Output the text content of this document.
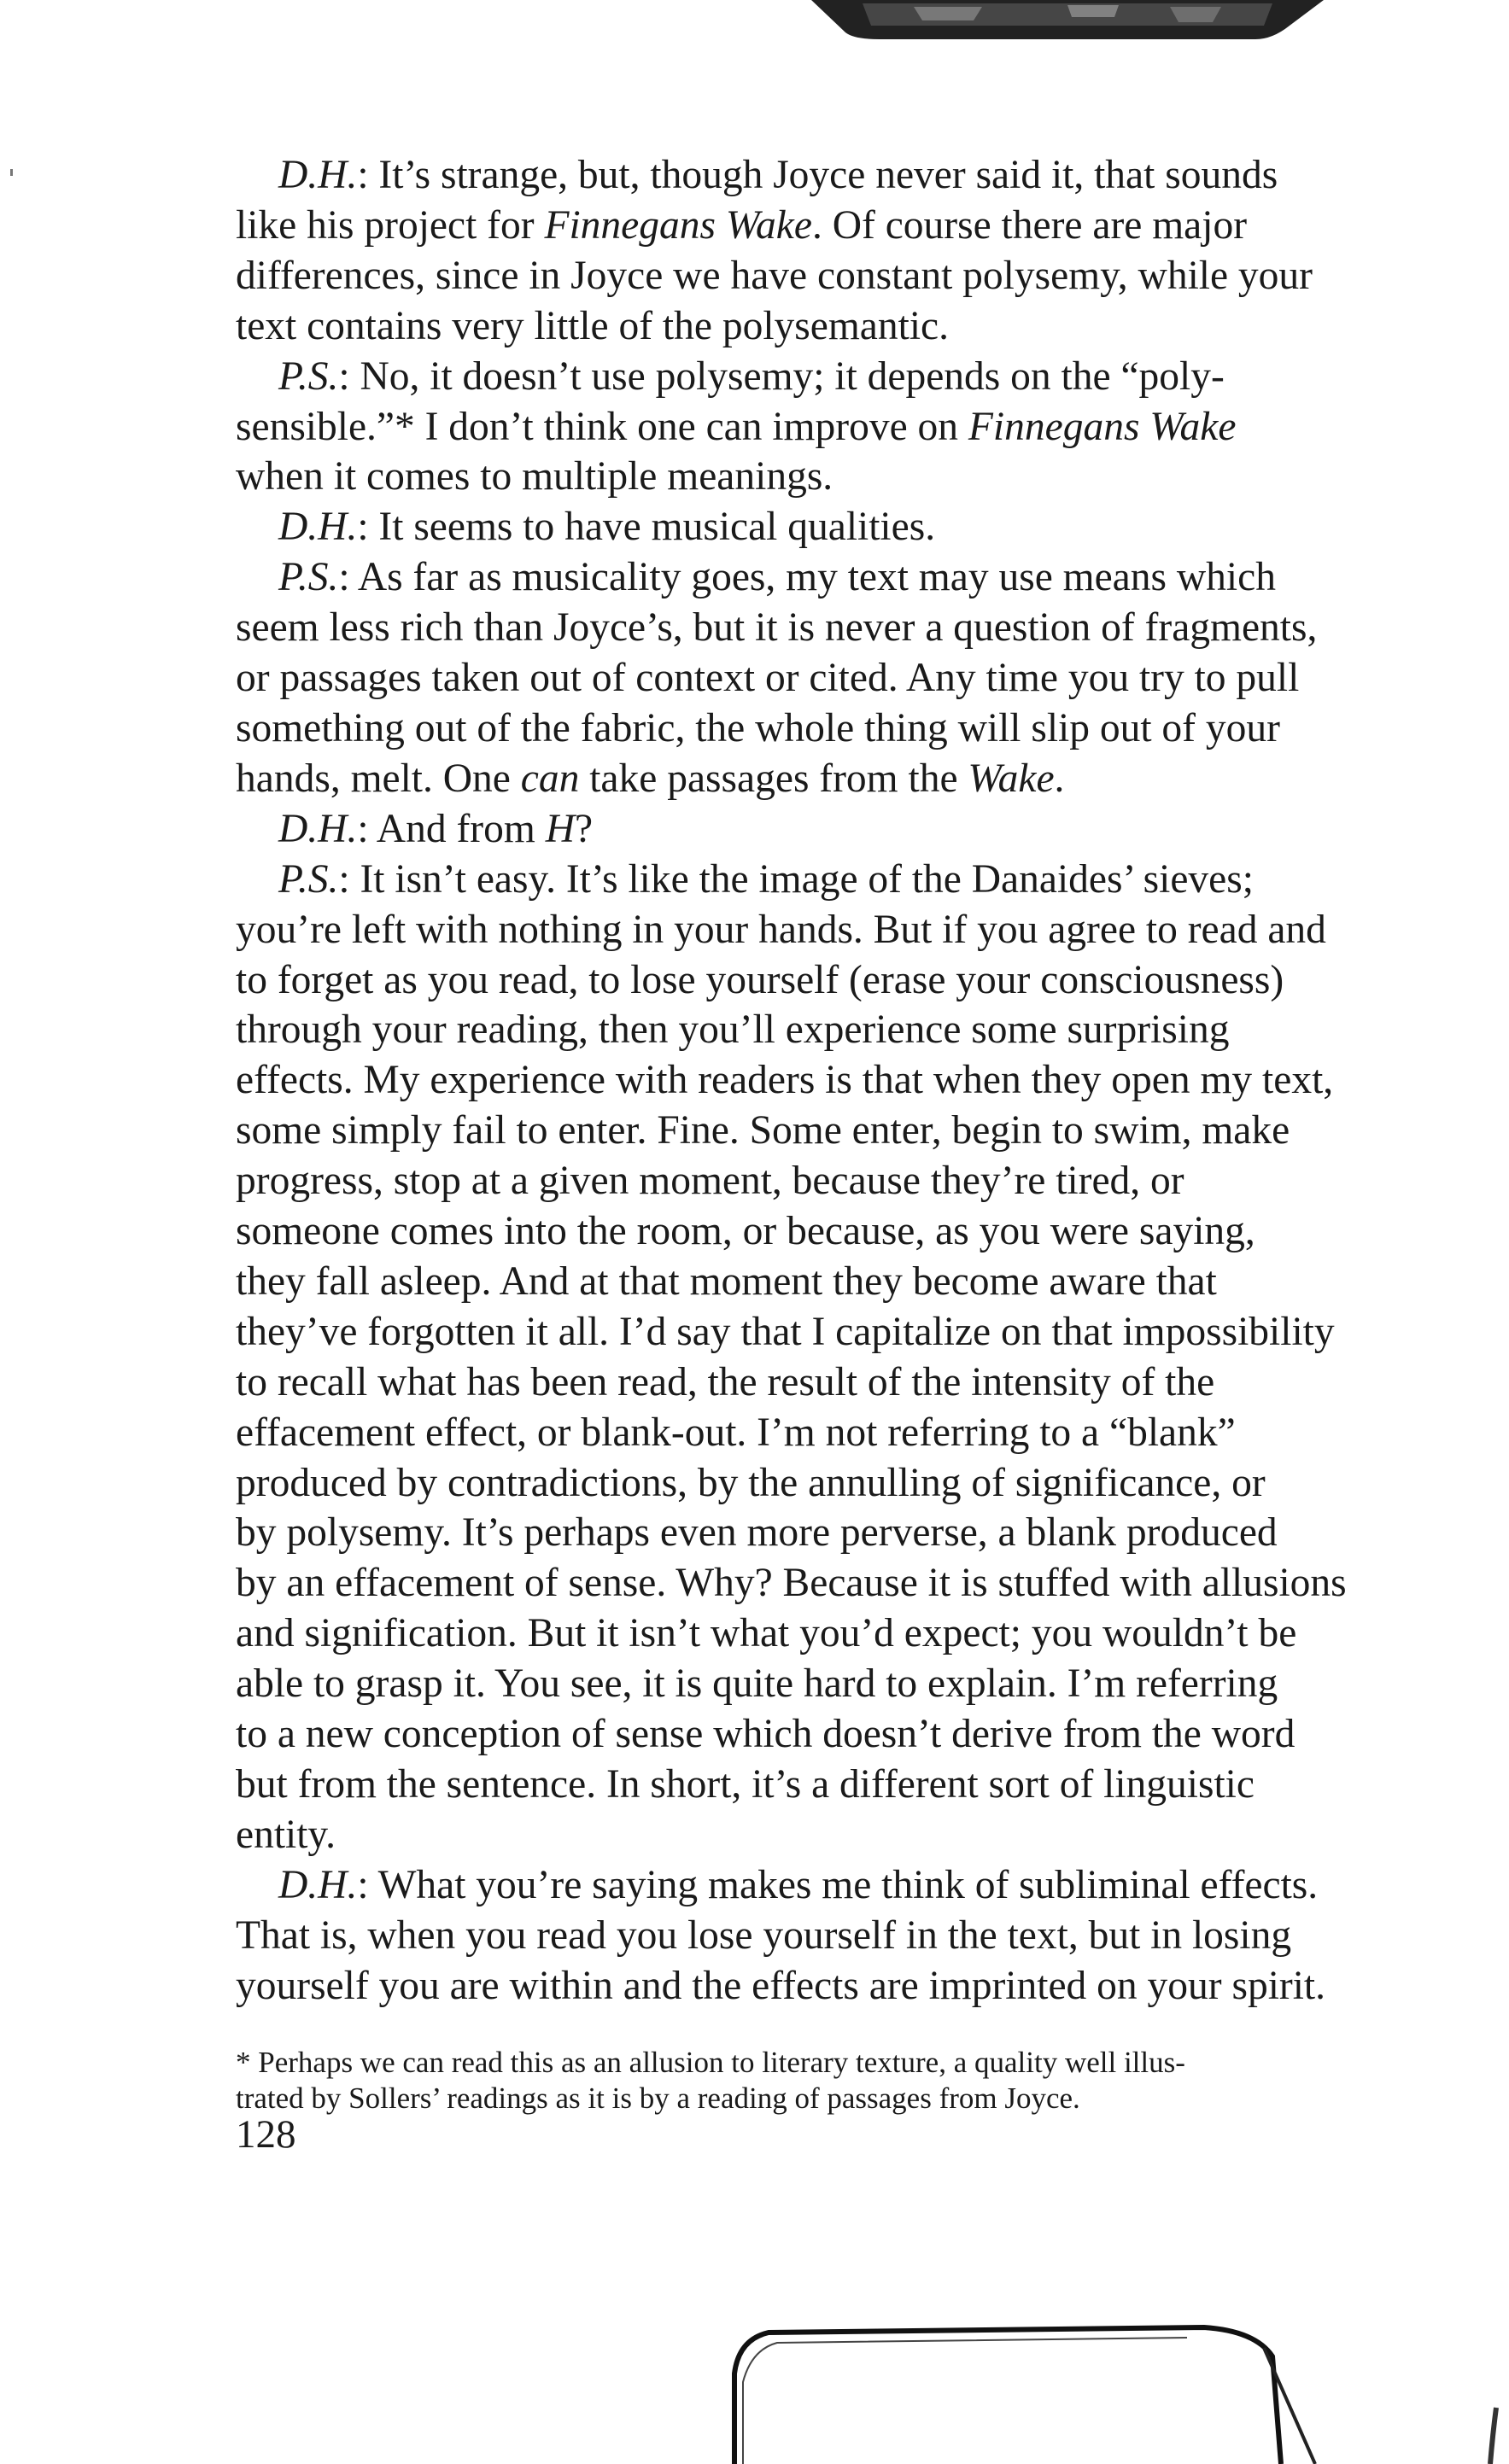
D.H.: It’s strange, but, though Joyce never said it, that sounds
like his project for Finnegans Wake. Of course there are major
differences, since in Joyce we have constant polysemy, while your
text contains very little of the polysemantic.
P.S.: No, it doesn’t use polysemy; it depends on the “poly-
sensible.”* I don’t think one can improve on Finnegans Wake
when it comes to multiple meanings.
D.H.: It seems to have musical qualities.
P.S.: As far as musicality goes, my text may use means which
seem less rich than Joyce’s, but it is never a question of fragments,
or passages taken out of context or cited. Any time you try to pull
something out of the fabric, the whole thing will slip out of your
hands, melt. One can take passages from the Wake.
D.H.: And from H?
P.S.: It isn’t easy. It’s like the image of the Danaides’ sieves;
you’re left with nothing in your hands. But if you agree to read and
to forget as you read, to lose yourself (erase your consciousness)
through your reading, then you’ll experience some surprising
effects. My experience with readers is that when they open my text,
some simply fail to enter. Fine. Some enter, begin to swim, make
progress, stop at a given moment, because they’re tired, or
someone comes into the room, or because, as you were saying,
they fall asleep. And at that moment they become aware that
they’ve forgotten it all. I’d say that I capitalize on that impossibility
to recall what has been read, the result of the intensity of the
effacement effect, or blank-out. I’m not referring to a “blank”
produced by contradictions, by the annulling of significance, or
by polysemy. It’s perhaps even more perverse, a blank produced
by an effacement of sense. Why? Because it is stuffed with allusions
and signification. But it isn’t what you’d expect; you wouldn’t be
able to grasp it. You see, it is quite hard to explain. I’m referring
to a new conception of sense which doesn’t derive from the word
but from the sentence. In short, it’s a different sort of linguistic
entity.
D.H.: What you’re saying makes me think of subliminal effects.
That is, when you read you lose yourself in the text, but in losing
yourself you are within and the effects are imprinted on your spirit.
* Perhaps we can read this as an allusion to literary texture, a quality well illus-
trated by Sollers’ readings as it is by a reading of passages from Joyce.
128
